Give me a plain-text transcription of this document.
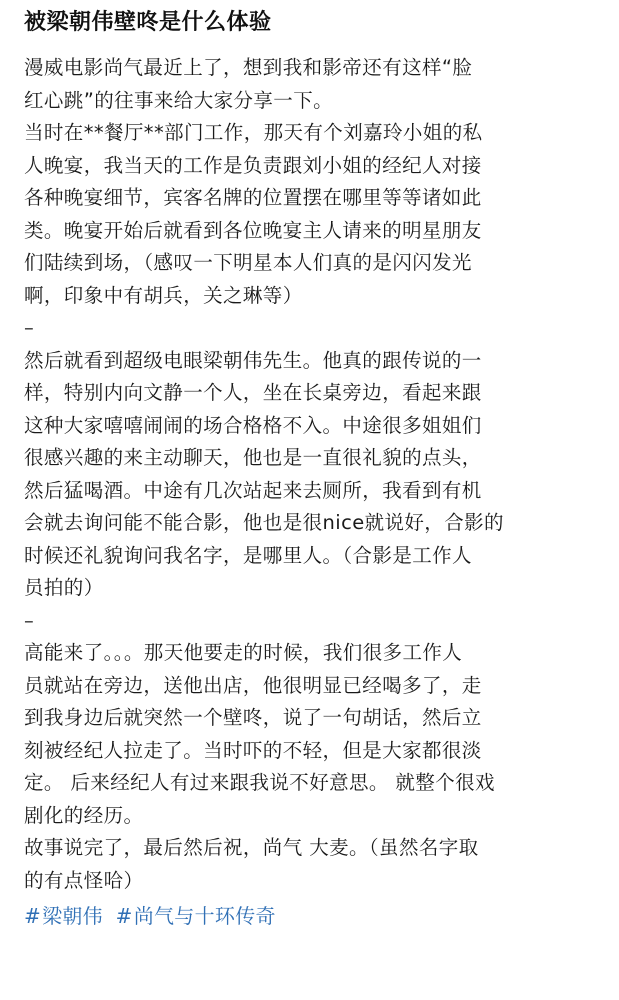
被梁朝伟壁咚是什么体验

漫威电影尚气最近上了，想到我和影帝还有这样“脸
红心跳”的往事来给大家分享一下。
当时在**餐厅**部门工作，那天有个刘嘉玲小姐的私
人晚宴，我当天的工作是负责跟刘小姐的经纪人对接
各种晚宴细节，宾客名牌的位置摆在哪里等等诸如此
类。晚宴开始后就看到各位晚宴主人请来的明星朋友
们陆续到场，（感叹一下明星本人们真的是闪闪发光
啊，印象中有胡兵，关之琳等）

–

然后就看到超级电眼梁朝伟先生。他真的跟传说的一
样，特别内向文静一个人，坐在长桌旁边，看起来跟
这种大家嘻嘻闹闹的场合格格不入。中途很多姐姐们
很感兴趣的来主动聊天，他也是一直很礼貌的点头，
然后猛喝酒。中途有几次站起来去厕所，我看到有机
会就去询问能不能合影，他也是很nice就说好，合影的
时候还礼貌询问我名字，是哪里人。（合影是工作人
员拍的）

–

高能来了。。。那天他要走的时候，我们很多工作人
员就站在旁边，送他出店，他很明显已经喝多了，走
到我身边后就突然一个壁咚，说了一句胡话，然后立
刻被经纪人拉走了。当时吓的不轻，但是大家都很淡
定。 后来经纪人有过来跟我说不好意思。 就整个很戏
剧化的经历。
故事说完了，最后然后祝，尚气 大麦。（虽然名字取
的有点怪哈）

#梁朝伟 #尚气与十环传奇
